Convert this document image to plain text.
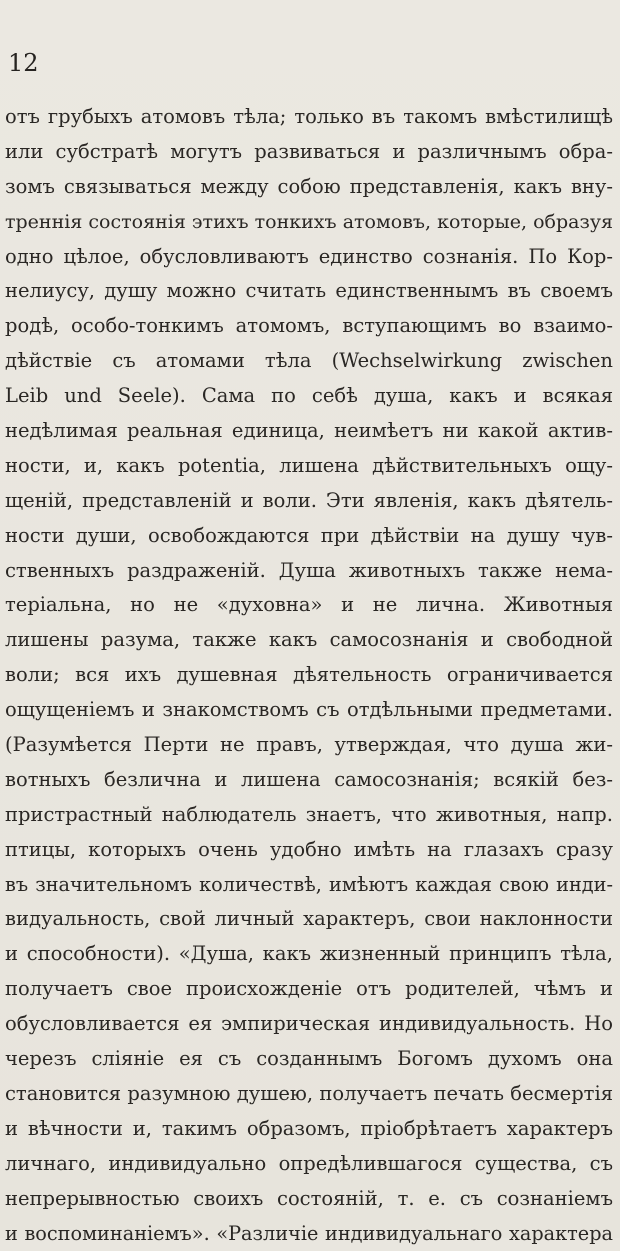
12
отъ грубыхъ атомовъ тѣла; только въ такомъ вмѣстилищѣ
или субстратѣ могутъ развиваться и различнымъ обра-
зомъ связываться между собою представленія, какъ вну-
треннія состоянія этихъ тонкихъ атомовъ, которые, образуя
одно цѣлое, обусловливаютъ единство сознанія. По Кор-
нелиусу, душу можно считать единственнымъ въ своемъ
родѣ, особо-тонкимъ атомомъ, вступающимъ во взаимо-
дѣйствіе съ атомами тѣла (Wechselwirkung zwischen
Leib und Seele). Сама по себѣ душа, какъ и всякая
недѣлимая реальная единица, неимѣетъ ни какой актив-
ности, и, какъ potentia, лишена дѣйствительныхъ ощу-
щеній, представленій и воли. Эти явленія, какъ дѣятель-
ности души, освобождаются при дѣйствіи на душу чув-
ственныхъ раздраженій. Душа животныхъ также нема-
теріальна, но не «духовна» и не лична. Животныя
лишены разума, также какъ самосознанія и свободной
воли; вся ихъ душевная дѣятельность ограничивается
ощущеніемъ и знакомствомъ съ отдѣльными предметами.
(Разумѣется Перти не правъ, утверждая, что душа жи-
вотныхъ безлична и лишена самосознанія; всякій без-
пристрастный наблюдатель знаетъ, что животныя, напр.
птицы, которыхъ очень удобно имѣть на глазахъ сразу
въ значительномъ количествѣ, имѣютъ каждая свою инди-
видуальность, свой личный характеръ, свои наклонности
и способности). «Душа, какъ жизненный принципъ тѣла,
получаетъ свое происхожденіе отъ родителей, чѣмъ и
обусловливается ея эмпирическая индивидуальность. Но
черезъ сліяніе ея съ созданнымъ Богомъ духомъ она
становится разумною душею, получаетъ печать бесмертія
и вѣчности и, такимъ образомъ, пріобрѣтаетъ характеръ
личнаго, индивидуально опредѣлившагося существа, съ
непрерывностью своихъ состояній, т. е. съ сознаніемъ
и воспоминаніемъ». «Различіе индивидуальнаго характера
